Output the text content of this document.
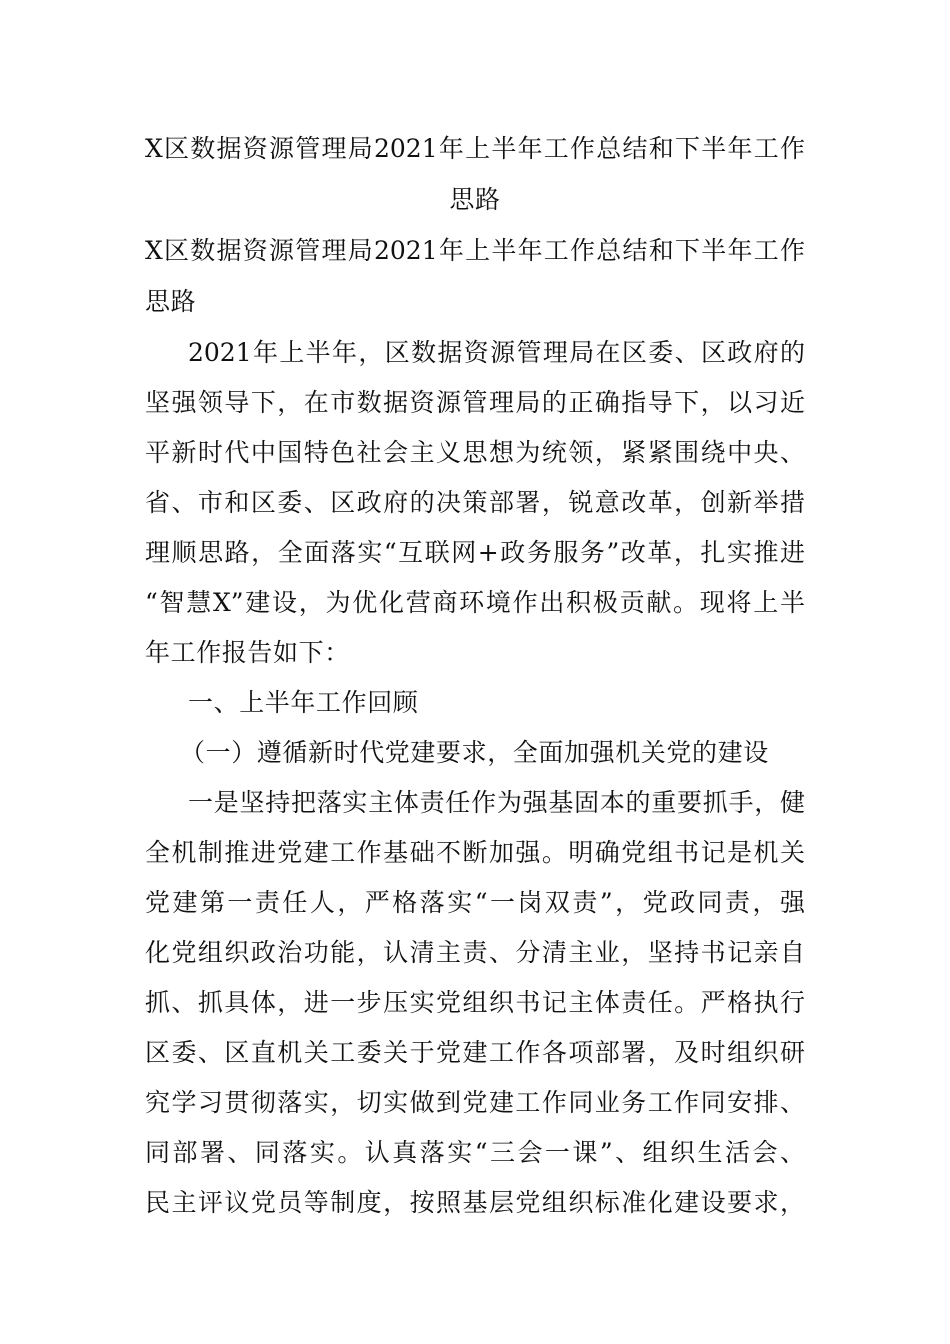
X区数据资源管理局2021年上半年工作总结和下半年工作
思路
X区数据资源管理局2021年上半年工作总结和下半年工作
思路
2021年上半年，区数据资源管理局在区委、区政府的
坚强领导下，在市数据资源管理局的正确指导下，以习近
平新时代中国特色社会主义思想为统领，紧紧围绕中央、
省、市和区委、区政府的决策部署，锐意改革，创新举措
理顺思路，全面落实“互联网+政务服务”改革，扎实推进
“智慧X”建设，为优化营商环境作出积极贡献。现将上半
年工作报告如下：
一、上半年工作回顾
（一）遵循新时代党建要求，全面加强机关党的建设
一是坚持把落实主体责任作为强基固本的重要抓手，健
全机制推进党建工作基础不断加强。明确党组书记是机关
党建第一责任人，严格落实“一岗双责”，党政同责，强
化党组织政治功能，认清主责、分清主业，坚持书记亲自
抓、抓具体，进一步压实党组织书记主体责任。严格执行
区委、区直机关工委关于党建工作各项部署，及时组织研
究学习贯彻落实，切实做到党建工作同业务工作同安排、
同部署、同落实。认真落实“三会一课”、组织生活会、
民主评议党员等制度，按照基层党组织标准化建设要求，
